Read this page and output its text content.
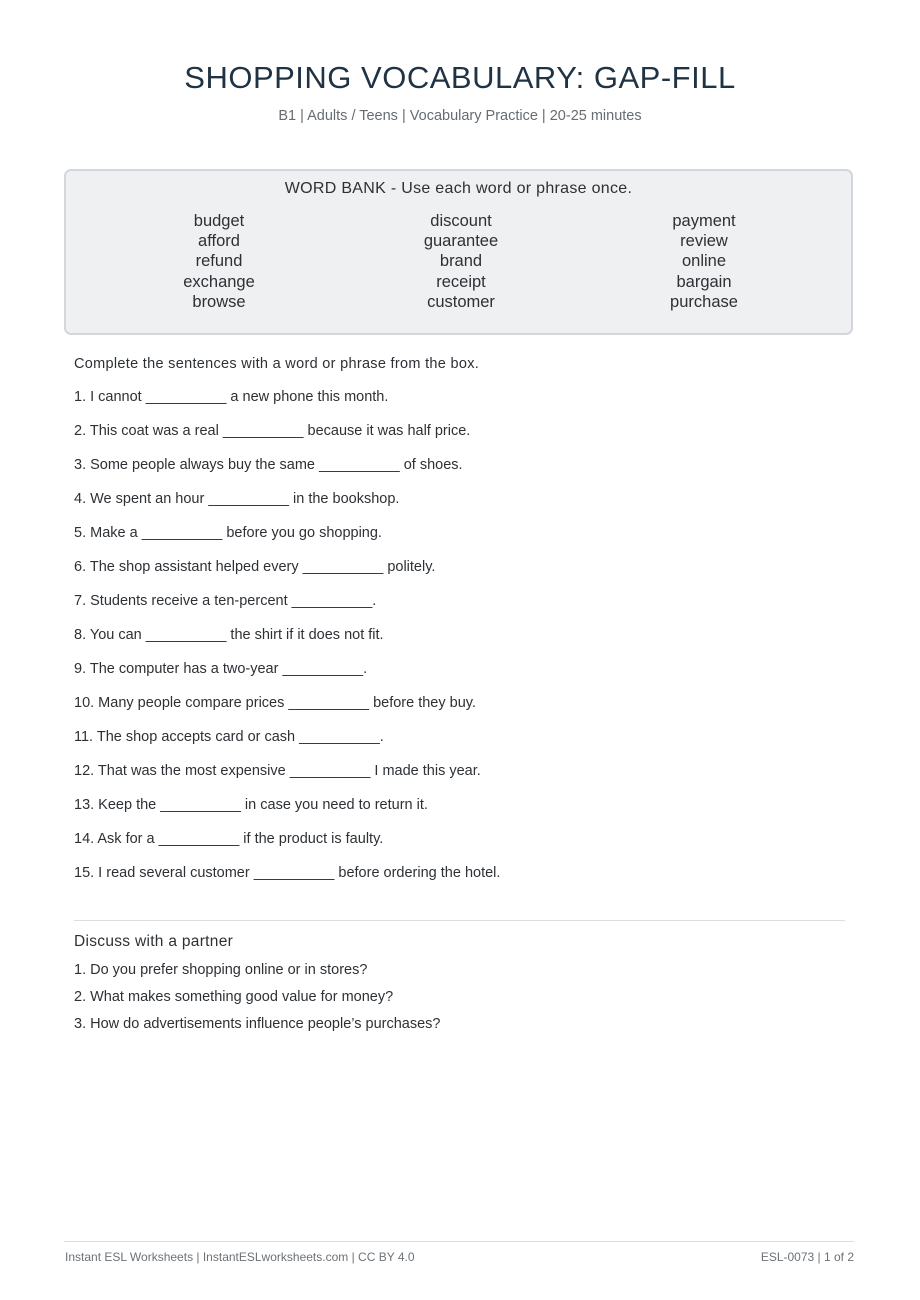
SHOPPING VOCABULARY: GAP-FILL
B1 | Adults / Teens | Vocabulary Practice | 20-25 minutes
WORD BANK - Use each word or phrase once.
budget
afford
refund
exchange
browse
discount
guarantee
brand
receipt
customer
payment
review
online
bargain
purchase
Complete the sentences with a word or phrase from the box.
1. I cannot __________ a new phone this month.
2. This coat was a real __________ because it was half price.
3. Some people always buy the same __________ of shoes.
4. We spent an hour __________ in the bookshop.
5. Make a __________ before you go shopping.
6. The shop assistant helped every __________ politely.
7. Students receive a ten-percent __________.
8. You can __________ the shirt if it does not fit.
9. The computer has a two-year __________.
10. Many people compare prices __________ before they buy.
11. The shop accepts card or cash __________.
12. That was the most expensive __________ I made this year.
13. Keep the __________ in case you need to return it.
14. Ask for a __________ if the product is faulty.
15. I read several customer __________ before ordering the hotel.
Discuss with a partner
1. Do you prefer shopping online or in stores?
2. What makes something good value for money?
3. How do advertisements influence people’s purchases?
Instant ESL Worksheets | InstantESLworksheets.com | CC BY 4.0	ESL-0073 | 1 of 2
